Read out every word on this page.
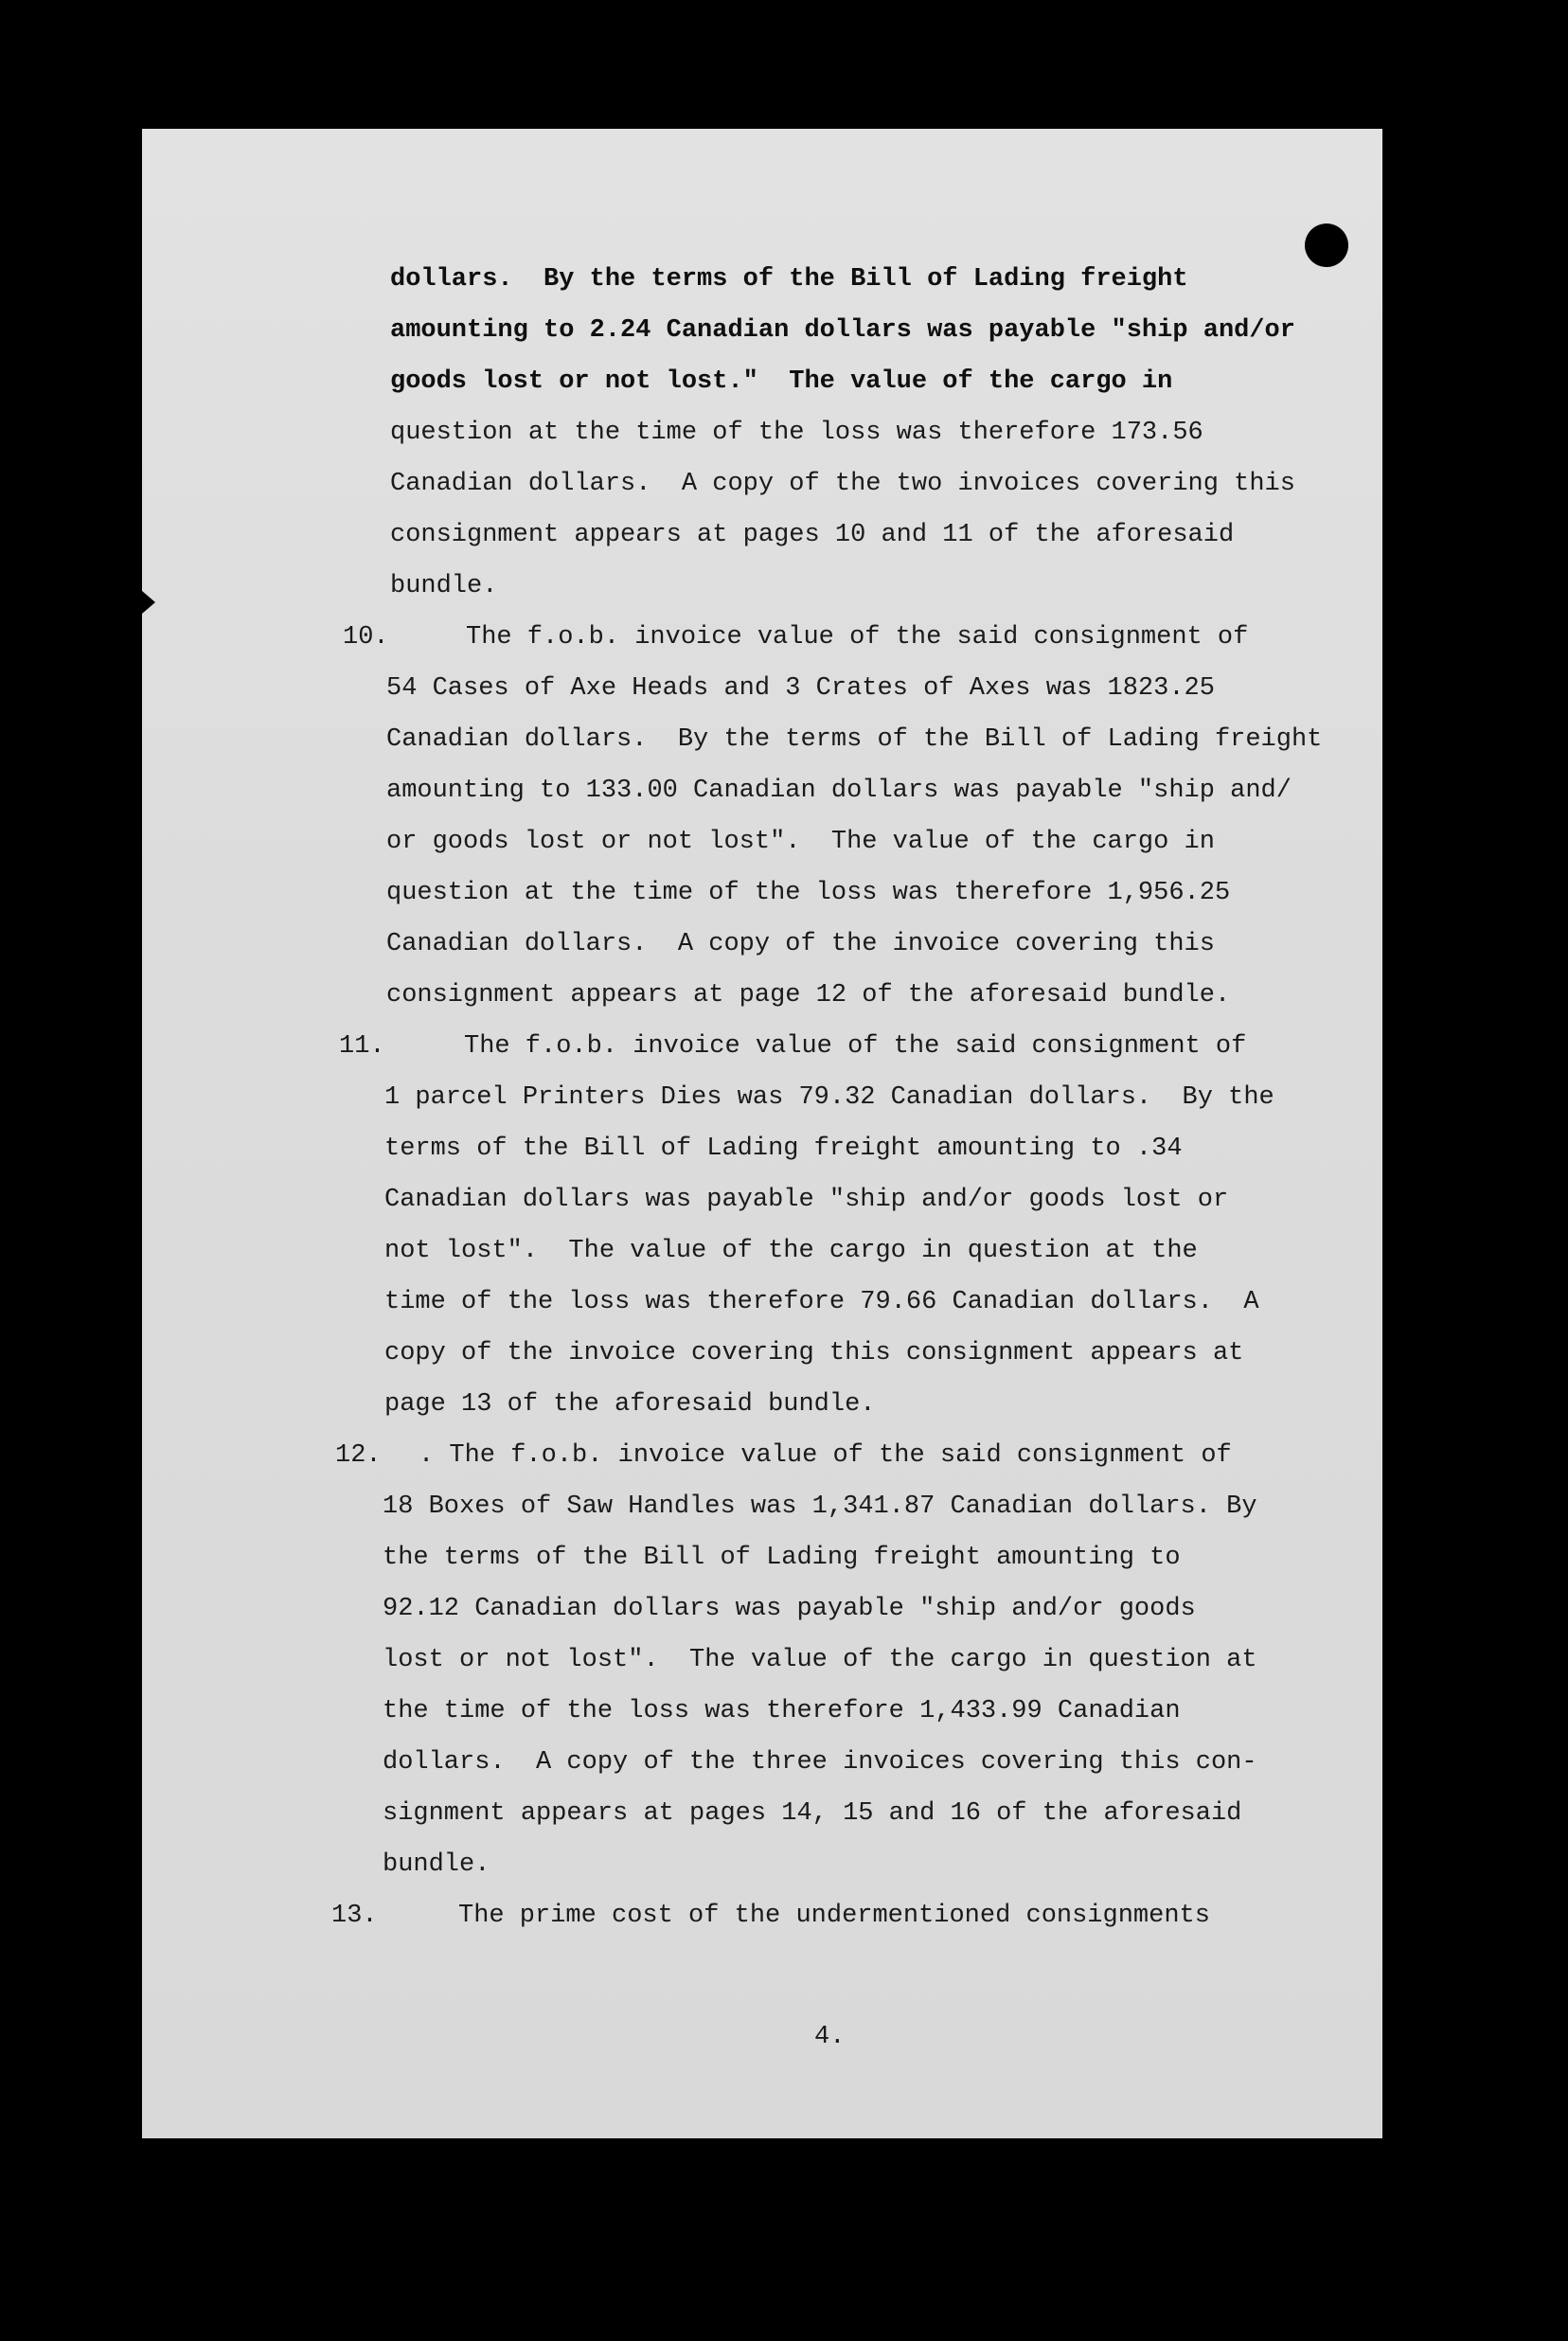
dollars.  By the terms of the Bill of Lading freight
amounting to 2.24 Canadian dollars was payable "ship and/or
goods lost or not lost."  The value of the cargo in
question at the time of the loss was therefore 173.56
Canadian dollars.  A copy of the two invoices covering this
consignment appears at pages 10 and 11 of the aforesaid
bundle.
10.	The f.o.b. invoice value of the said consignment of
54 Cases of Axe Heads and 3 Crates of Axes was 1823.25
Canadian dollars.  By the terms of the Bill of Lading freight
amounting to 133.00 Canadian dollars was payable "ship and/
or goods lost or not lost".  The value of the cargo in
question at the time of the loss was therefore 1,956.25
Canadian dollars.  A copy of the invoice covering this
consignment appears at page 12 of the aforesaid bundle.
11.	The f.o.b. invoice value of the said consignment of
1 parcel Printers Dies was 79.32 Canadian dollars.  By the
terms of the Bill of Lading freight amounting to .34
Canadian dollars was payable "ship and/or goods lost or
not lost".  The value of the cargo in question at the
time of the loss was therefore 79.66 Canadian dollars.  A
copy of the invoice covering this consignment appears at
page 13 of the aforesaid bundle.
12. . The f.o.b. invoice value of the said consignment of
18 Boxes of Saw Handles was 1,341.87 Canadian dollars. By
the terms of the Bill of Lading freight amounting to
92.12 Canadian dollars was payable "ship and/or goods
lost or not lost".  The value of the cargo in question at
the time of the loss was therefore 1,433.99 Canadian
dollars.  A copy of the three invoices covering this con-
signment appears at pages 14, 15 and 16 of the aforesaid
bundle.
13.	The prime cost of the undermentioned consignments
4.
